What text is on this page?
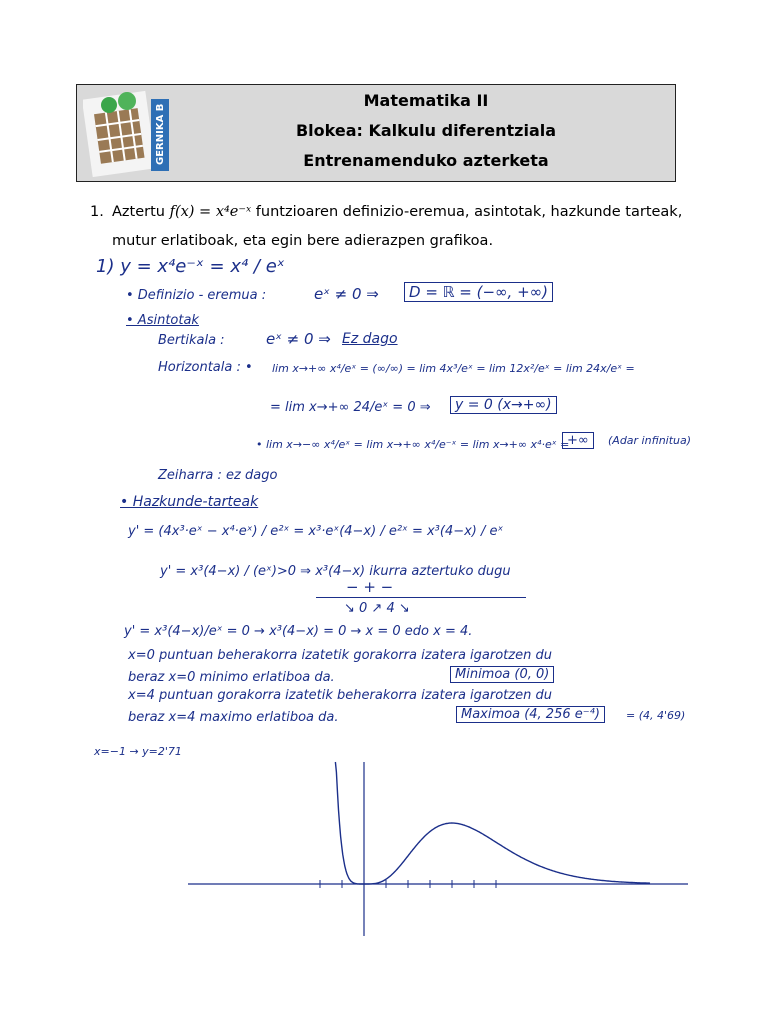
GERNIKA B
Matematika II
Blokea: Kalkulu diferentziala
Entrenamenduko azterketa
1. Aztertu f(x) = x⁴e⁻ˣ funtzioaren definizio-eremua, asintotak, hazkunde tarteak, mutur erlatiboak, eta egin bere adierazpen grafikoa.
1) y = x⁴e⁻ˣ = x⁴ / eˣ
• Definizio - eremua :	eˣ ≠ 0 ⇒	D = ℝ = (−∞, +∞)
• Asintotak
Bertikala :	eˣ ≠ 0 ⇒ Ez dago
Horizontala : • lim x→+∞ x⁴/eˣ = (∞/∞) = lim 4x³/eˣ = lim 12x²/eˣ = lim 24x/eˣ =
= lim x→+∞ 24/eˣ = 0 ⇒	y = 0 (x→+∞)
• lim x→−∞ x⁴/eˣ = lim x→+∞ x⁴/e⁻ˣ = lim x→+∞ x⁴·eˣ =
+∞	(Adar infinitua)
Zeiharra : ez dago
• Hazkunde-tarteak
y' = (4x³·eˣ − x⁴·eˣ) / e²ˣ = x³·eˣ(4−x) / e²ˣ = x³(4−x) / eˣ
y' = x³(4−x) / (eˣ)>0 ⇒ x³(4−x) ikurra aztertuko dugu
− + −
↘ 0 ↗ 4 ↘
y' = x³(4−x)/eˣ = 0 → x³(4−x) = 0 → x = 0 edo x = 4.
x=0 puntuan beherakorra izatetik gorakorra izatera igarotzen du
beraz x=0 minimo erlatiboa da.	Minimoa (0, 0)
x=4 puntuan gorakorra izatetik beherakorra izatera igarotzen du
beraz x=4 maximo erlatiboa da.	Maximoa (4, 256 e⁻⁴)	= (4, 4'69)
x=−1 → y=2'71
